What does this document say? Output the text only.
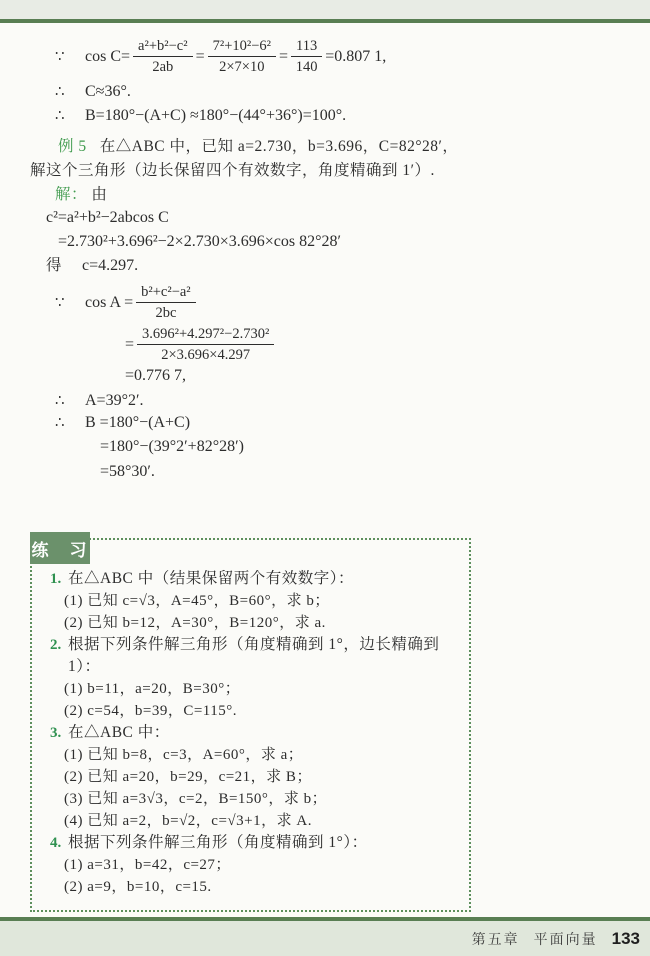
∵	$\cos C= \frac{\text{a²+b²−c²}}{2ab} = \frac{\text{7²+10²−6²}}{2\times 7\times 10} = \frac{113}{140} =0.807$ 1,
∴	C≈36°.
∴	B=180°−(A+C) ≈180°−(44°+36°)=100°.
例 5 在△ABC 中，已知 a=2.730，b=3.696，C=82°28′，
解这个三角形（边长保留四个有效数字，角度精确到 1′）.
解： 由
c²=a²+b²−2abcos C
=2.730²+3.696²−2×2.730×3.696×cos 82°28′
得 c=4.297.
∵	$\cos A = \frac{\text{b²+c²−a²}}{2bc}$
= $\frac{\text{3.696²+4.297²−2.730²}}{2\times 3.696\times 4.297}$
=0.776 7,
∴	A=39°2′.
∴	B =180°−(A+C)
=180°−(39°2′+82°28′)
=58°30′.
练　习
1. 在△ABC 中（结果保留两个有效数字）：
(1) 已知 c=√3，A=45°，B=60°，求 b；
(2) 已知 b=12，A=30°，B=120°，求 a.
2. 根据下列条件解三角形（角度精确到 1°，边长精确到 1）：
(1) b=11，a=20，B=30°；
(2) c=54，b=39，C=115°.
3. 在△ABC 中：
(1) 已知 b=8，c=3，A=60°，求 a；
(2) 已知 a=20，b=29，c=21，求 B；
(3) 已知 a=3√3，c=2，B=150°，求 b；
(4) 已知 a=2，b=√2，c=√3+1，求 A.
4. 根据下列条件解三角形（角度精确到 1°）：
(1) a=31，b=42，c=27；
(2) a=9，b=10，c=15.
第五章 平面向量 133
